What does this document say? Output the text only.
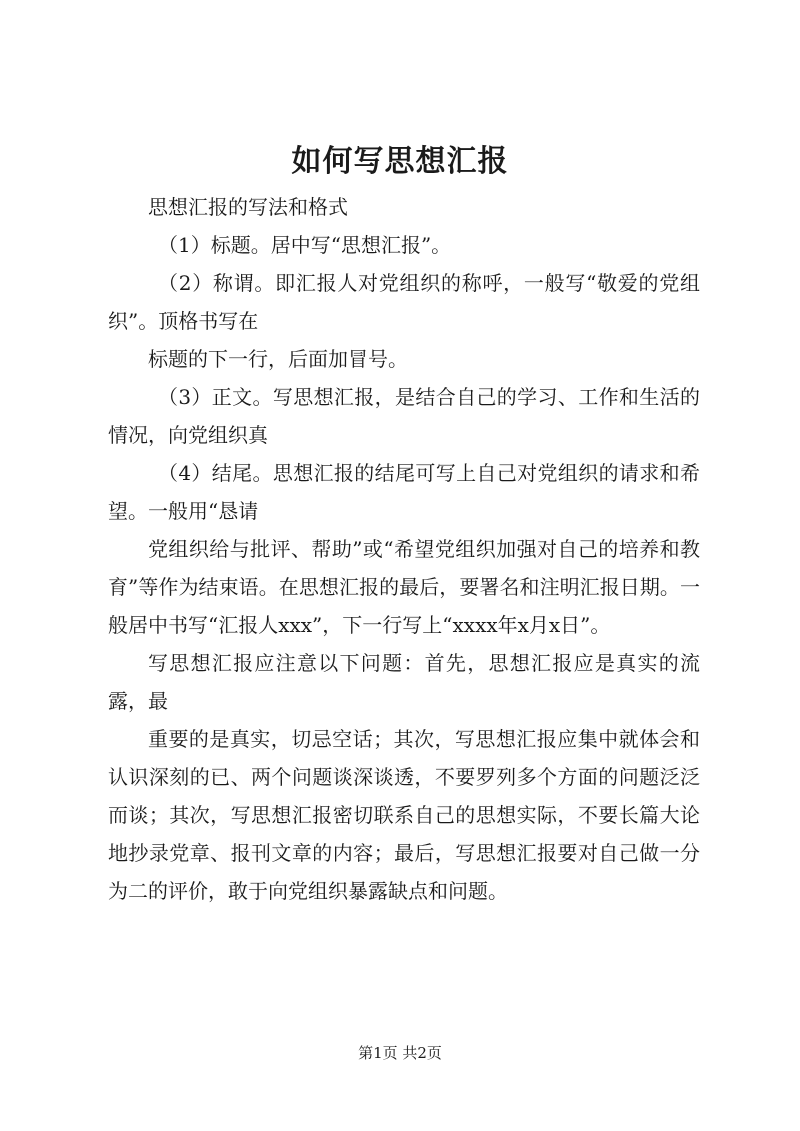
如何写思想汇报

思想汇报的写法和格式

（1）标题。居中写“思想汇报”。

（2）称谓。即汇报人对党组织的称呼，一般写“敬爱的党组织”。顶格书写在

标题的下一行，后面加冒号。

（3）正文。写思想汇报，是结合自己的学习、工作和生活的情况，向党组织真

（4）结尾。思想汇报的结尾可写上自己对党组织的请求和希望。一般用“恳请

党组织给与批评、帮助”或“希望党组织加强对自己的培养和教育”等作为结束语。在思想汇报的最后，要署名和注明汇报日期。一般居中书写“汇报人xxx”，下一行写上“xxxx年x月x日”。

写思想汇报应注意以下问题：首先，思想汇报应是真实的流露，最

重要的是真实，切忌空话；其次，写思想汇报应集中就体会和认识深刻的已、两个问题谈深谈透，不要罗列多个方面的问题泛泛而谈；其次，写思想汇报密切联系自己的思想实际，不要长篇大论地抄录党章、报刊文章的内容；最后，写思想汇报要对自己做一分为二的评价，敢于向党组织暴露缺点和问题。

第1页 共2页
